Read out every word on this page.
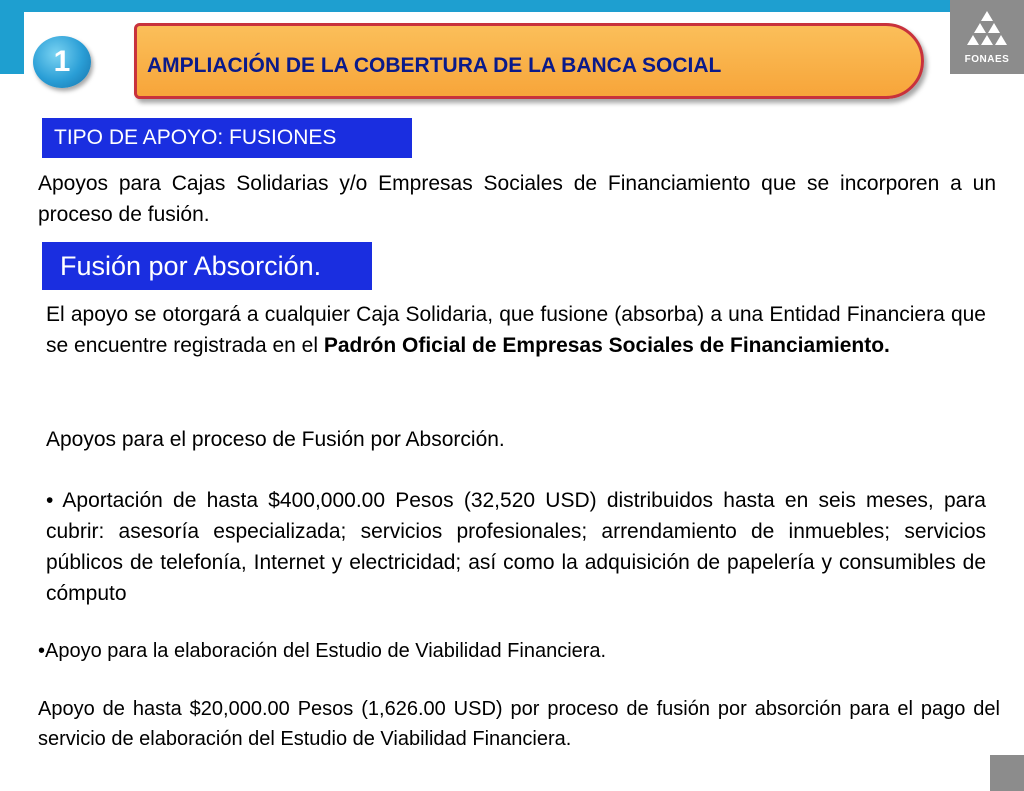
FONAES
1	AMPLIACIÓN DE LA COBERTURA DE LA BANCA SOCIAL
TIPO DE APOYO: FUSIONES

Apoyos para Cajas Solidarias y/o Empresas Sociales de Financiamiento que se incorporen a un proceso de fusión.

Fusión por Absorción.

El apoyo se otorgará a cualquier Caja Solidaria, que fusione (absorba) a una Entidad Financiera que se encuentre registrada en el Padrón Oficial de Empresas Sociales de Financiamiento.

Apoyos para el proceso de Fusión por Absorción.

• Aportación de hasta $400,000.00 Pesos (32,520 USD) distribuidos hasta en seis meses, para cubrir: asesoría especializada; servicios profesionales; arrendamiento de inmuebles; servicios públicos de telefonía, Internet y electricidad; así como la adquisición de papelería y consumibles de cómputo

•Apoyo para la elaboración del Estudio de Viabilidad Financiera.

Apoyo de hasta $20,000.00 Pesos (1,626.00 USD) por proceso de fusión por absorción para el pago del servicio de elaboración del Estudio de Viabilidad Financiera.
